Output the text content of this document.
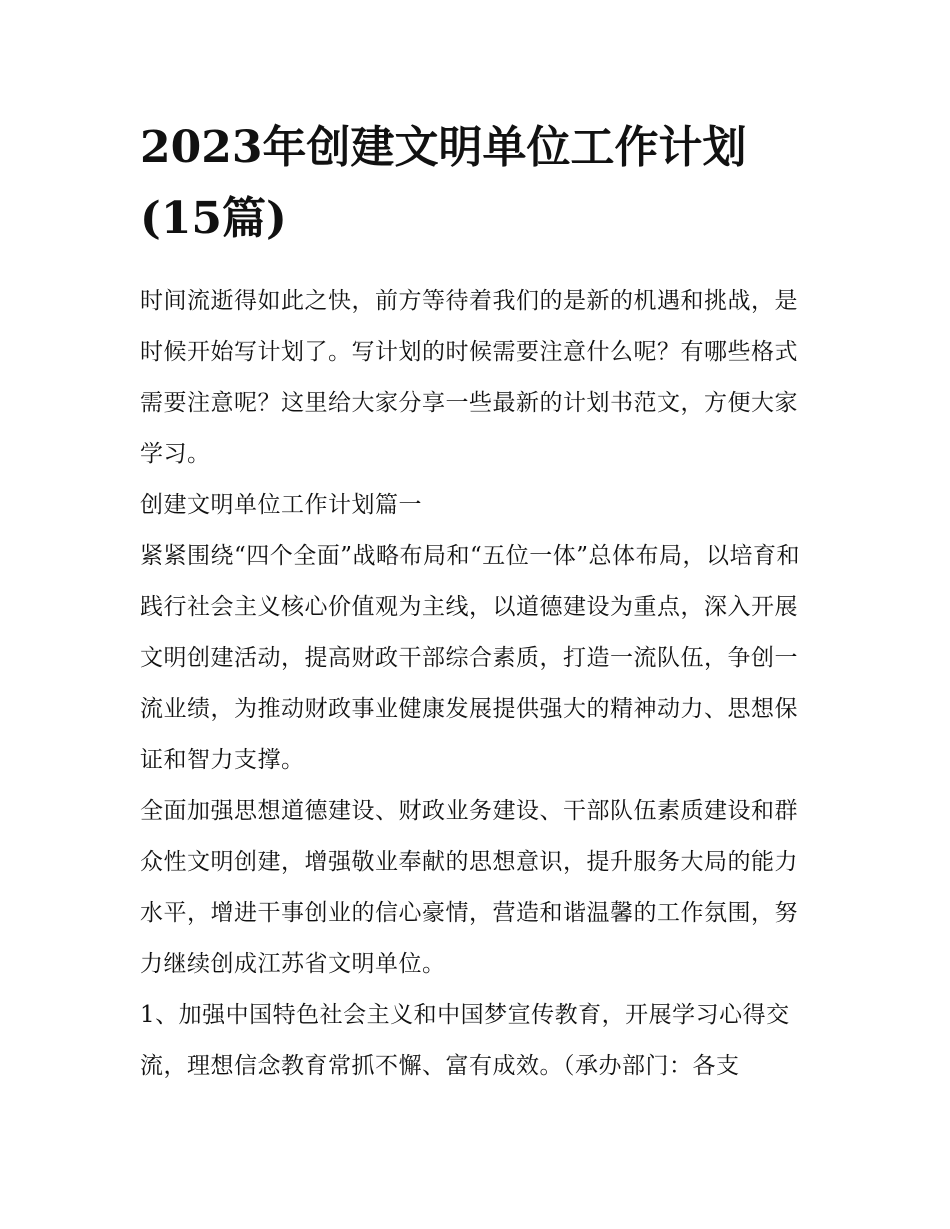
2023年创建文明单位工作计划(15篇)

时间流逝得如此之快，前方等待着我们的是新的机遇和挑战，是时候开始写计划了。写计划的时候需要注意什么呢？有哪些格式需要注意呢？这里给大家分享一些最新的计划书范文，方便大家学习。

创建文明单位工作计划篇一

紧紧围绕“四个全面”战略布局和“五位一体”总体布局，以培育和践行社会主义核心价值观为主线，以道德建设为重点，深入开展文明创建活动，提高财政干部综合素质，打造一流队伍，争创一流业绩，为推动财政事业健康发展提供强大的精神动力、思想保证和智力支撑。

全面加强思想道德建设、财政业务建设、干部队伍素质建设和群众性文明创建，增强敬业奉献的思想意识，提升服务大局的能力水平，增进干事创业的信心豪情，营造和谐温馨的工作氛围，努力继续创成江苏省文明单位。

1、加强中国特色社会主义和中国梦宣传教育，开展学习心得交流，理想信念教育常抓不懈、富有成效。（承办部门：各支
